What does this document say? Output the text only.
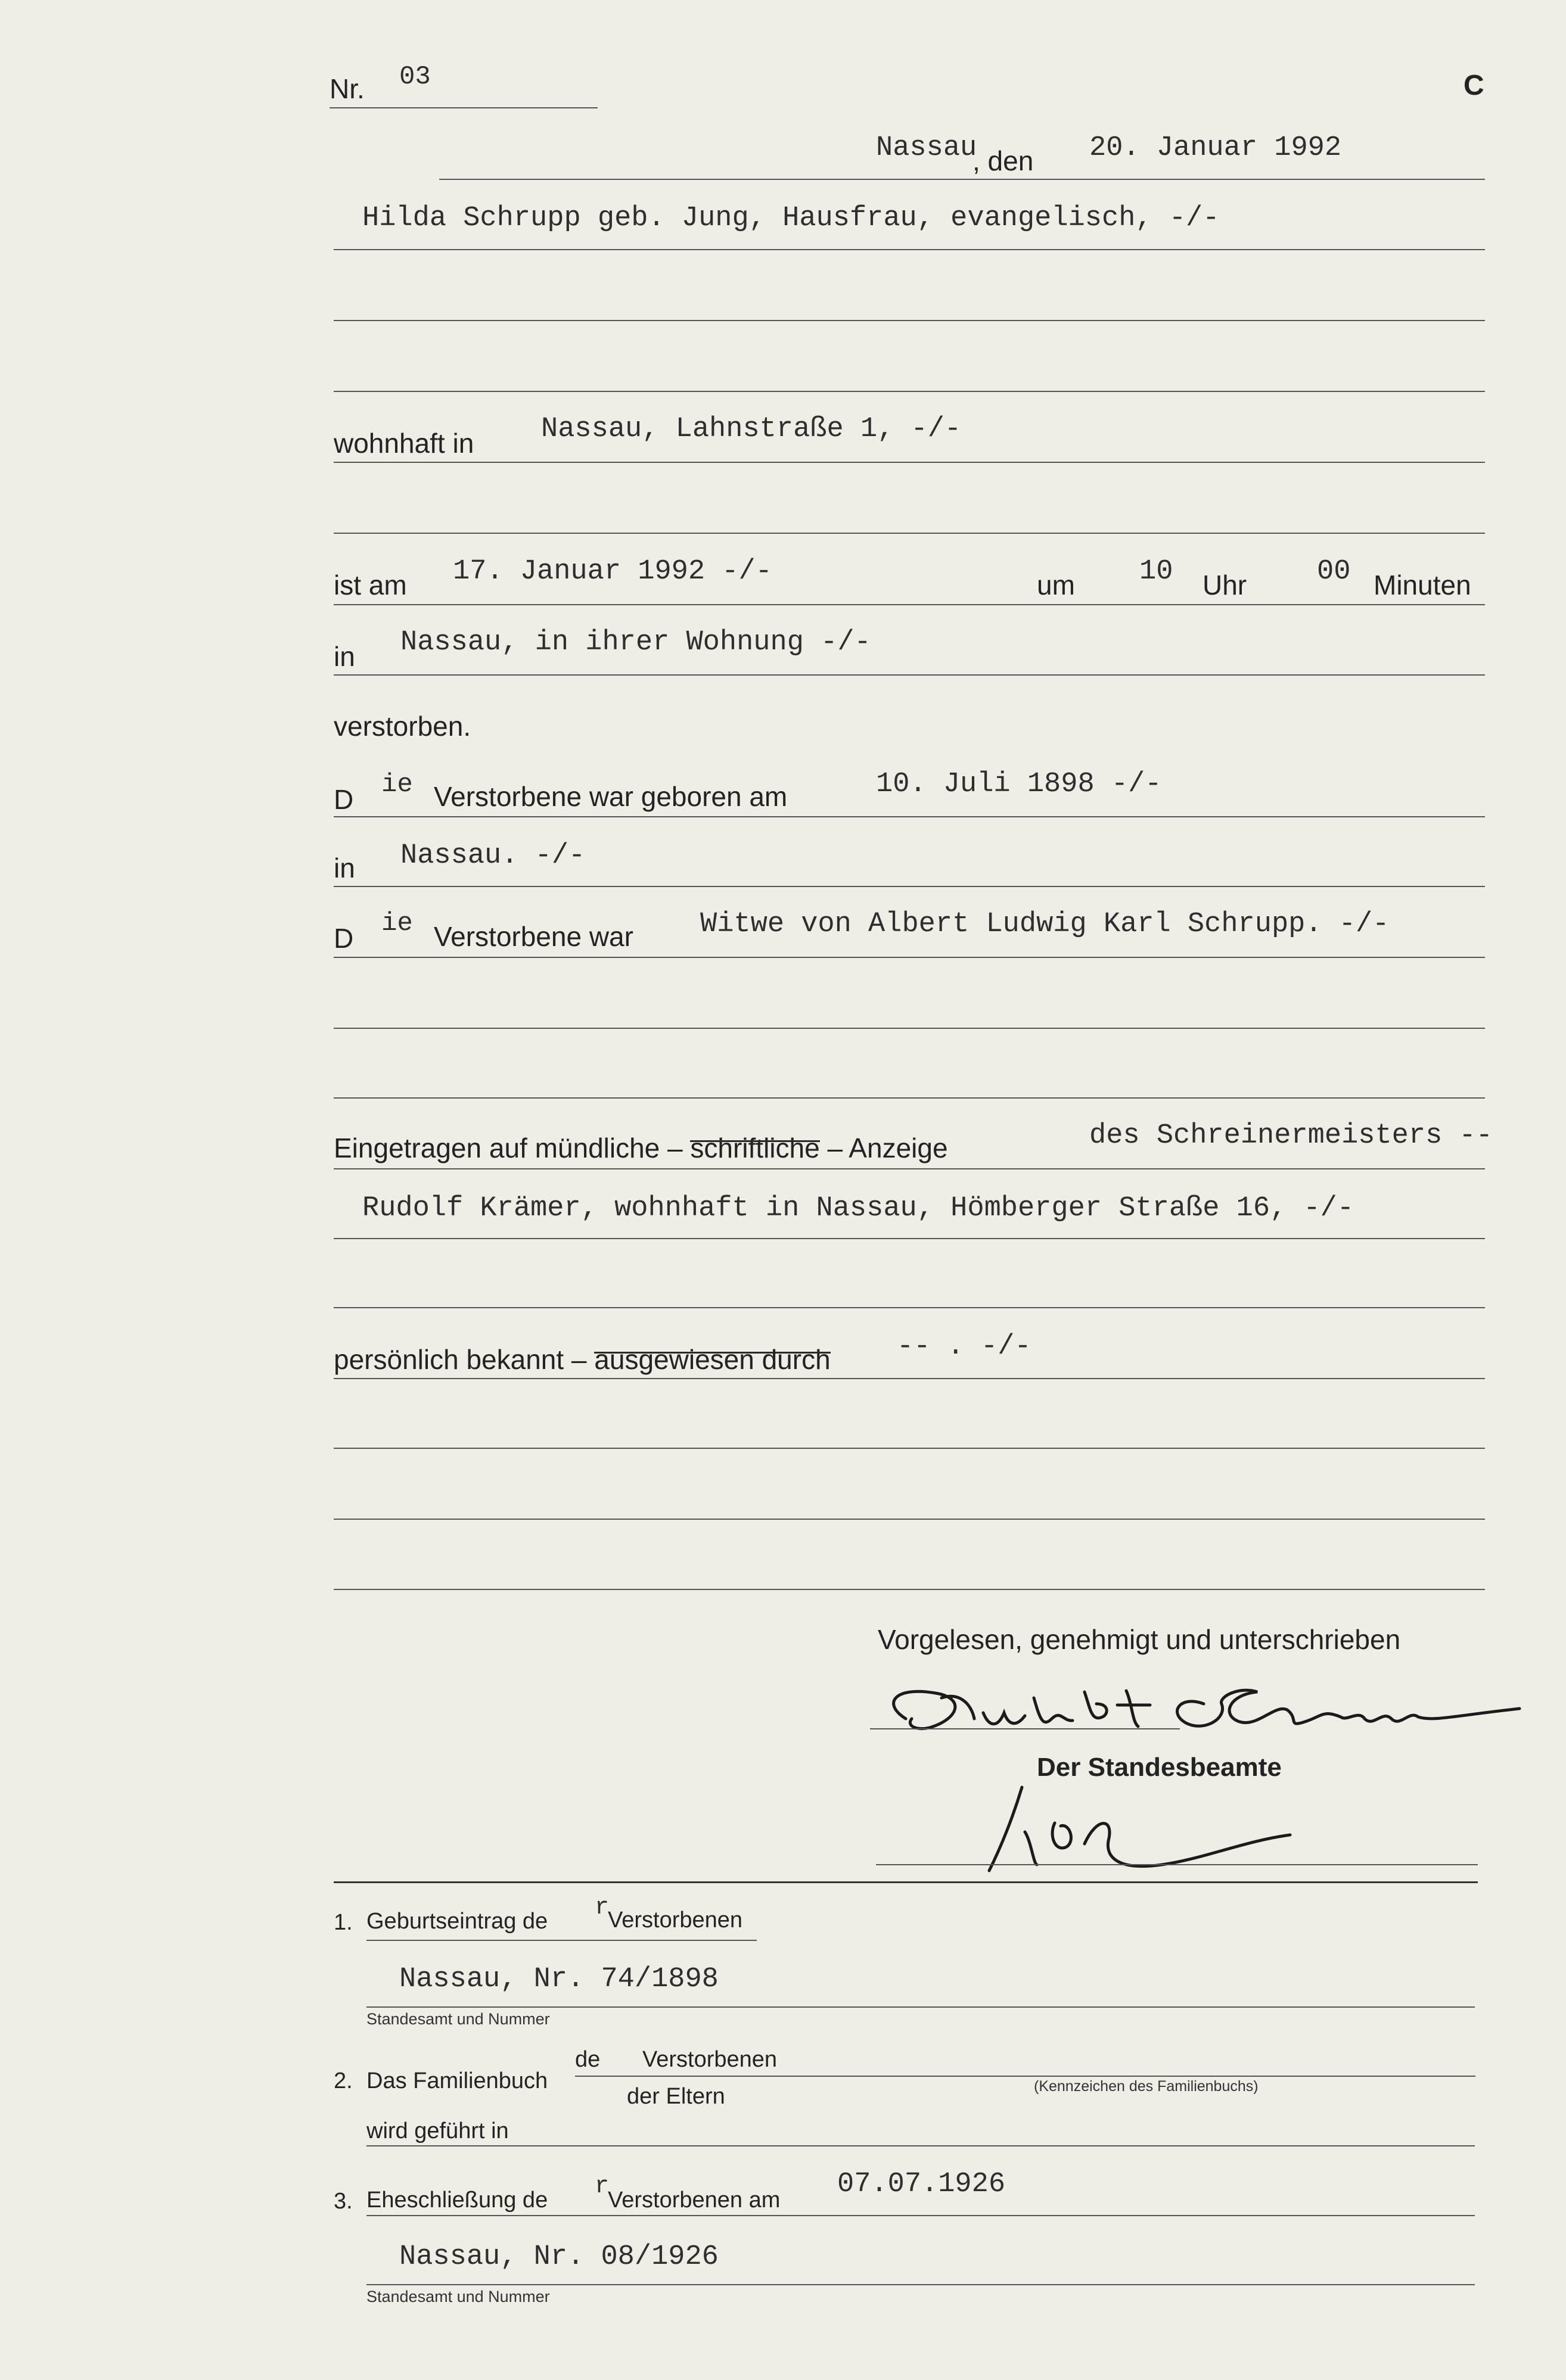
Nr. 03	C
Nassau
, den 20. Januar 1992
Hilda Schrupp geb. Jung, Hausfrau, evangelisch, -/-
wohnhaft in Nassau, Lahnstraße 1, -/-
ist am 17. Januar 1992 -/-	um 10 Uhr	00 Minuten
in Nassau, in ihrer Wohnung -/-
verstorben.
D ie Verstorbene war geboren am	10. Juli 1898 -/-
in Nassau. -/-
D ie Verstorbene war Witwe von Albert Ludwig Karl Schrupp. -/-
Eingetragen auf mündliche – schriftliche – Anzeige	des Schreinermeisters --
Rudolf Krämer, wohnhaft in Nassau, Hömberger Straße 16, -/-
persönlich bekannt – ausgewiesen durch -- . -/-
Vorgelesen, genehmigt und unterschrieben
Der Standesbeamte
1. Geburtseintrag de r
Verstorbenen
Nassau, Nr. 74/1898
Standesamt und Nummer
2. Das Familienbuch
de Verstorbenen
der Eltern	(Kennzeichen des Familienbuchs)
wird geführt in
3. Eheschließung de r
Verstorbenen am 07.07.1926
Nassau, Nr. 08/1926
Standesamt und Nummer
